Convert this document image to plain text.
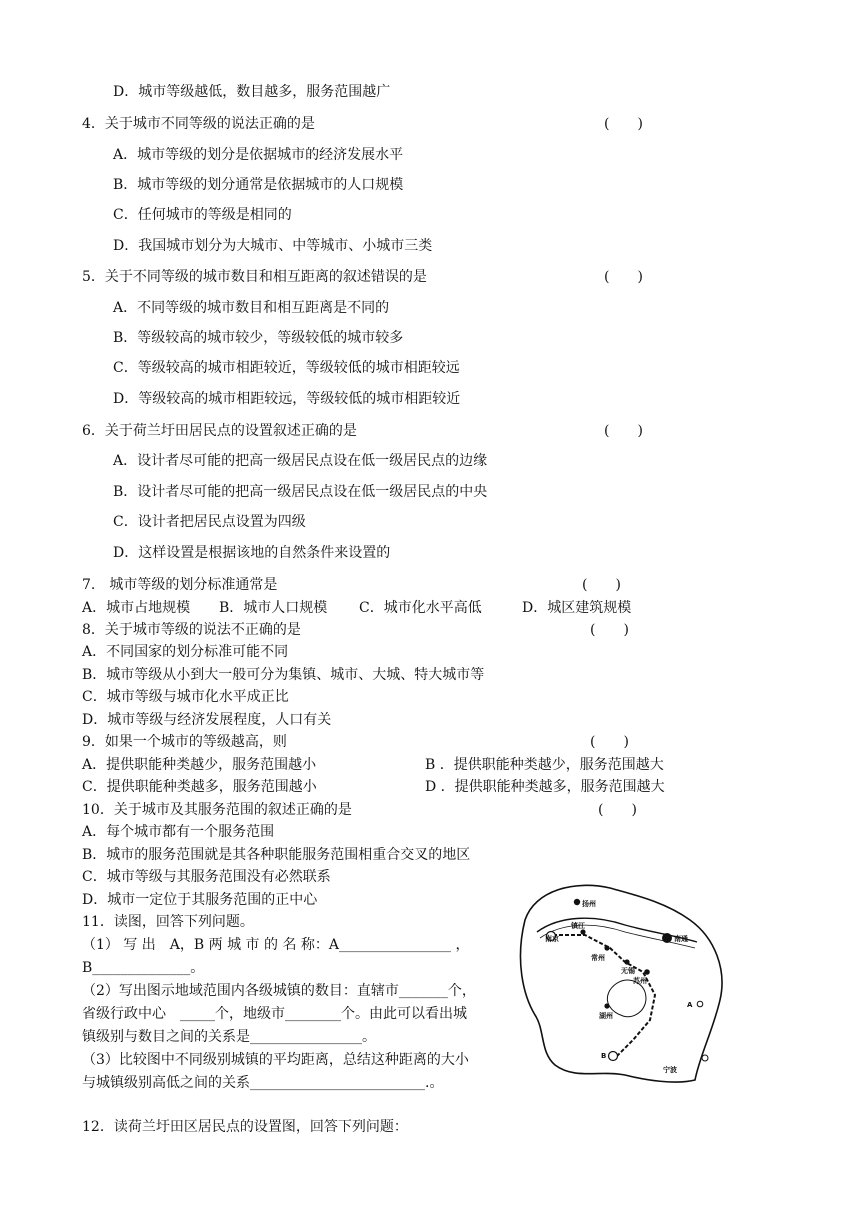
D．城市等级越低，数目越多，服务范围越广
4．关于城市不同等级的说法正确的是	(　　)
A．城市等级的划分是依据城市的经济发展水平
B．城市等级的划分通常是依据城市的人口规模
C．任何城市的等级是相同的
D．我国城市划分为大城市、中等城市、小城市三类
5．关于不同等级的城市数目和相互距离的叙述错误的是	(　　)
A．不同等级的城市数目和相互距离是不同的
B．等级较高的城市较少，等级较低的城市较多
C．等级较高的城市相距较近，等级较低的城市相距较远
D．等级较高的城市相距较远，等级较低的城市相距较近
6．关于荷兰圩田居民点的设置叙述正确的是	(　　)
A．设计者尽可能的把高一级居民点设在低一级居民点的边缘
B．设计者尽可能的把高一级居民点设在低一级居民点的中央
C．设计者把居民点设置为四级
D．这样设置是根据该地的自然条件来设置的
7.　城市等级的划分标准通常是	(　　)
A．城市占地规模 B．城市人口规模 C．城市化水平高低	D．城区建筑规模
8．关于城市等级的说法不正确的是	(　　)
A．不同国家的划分标准可能不同
B．城市等级从小到大一般可分为集镇、城市、大城、特大城市等
C．城市等级与城市化水平成正比
D．城市等级与经济发展程度，人口有关
9．如果一个城市的等级越高，则	(　　)
A．提供职能种类越少，服务范围越小	B ．提供职能种类越少，服务范围越大
C．提供职能种类越多，服务范围越小	D ．提供职能种类越多，服务范围越大
10．关于城市及其服务范围的叙述正确的是	(　　)
A．每个城市都有一个服务范围
B．城市的服务范围就是其各种职能服务范围相重合交叉的地区
C．城市等级与其服务范围没有必然联系
D．城市一定位于其服务范围的正中心
11．读图，回答下列问题。
（1） 写 出　A，B 两 城 市 的 名 称：A________________ ，
B______________。
（2）写出图示地域范围内各级城镇的数目：直辖市_______个，
省级行政中心　_____个，地级市________个。由此可以看出城
镇级别与数目之间的关系是________________。
（3）比较图中不同级别城镇的平均距离，总结这种距离的大小
与城镇级别高低之间的关系_________________________.。
扬州
南京
镇江
南通
常州
无锡
苏州
A
湖州
B
宁波
12．读荷兰圩田区居民点的设置图，回答下列问题：
